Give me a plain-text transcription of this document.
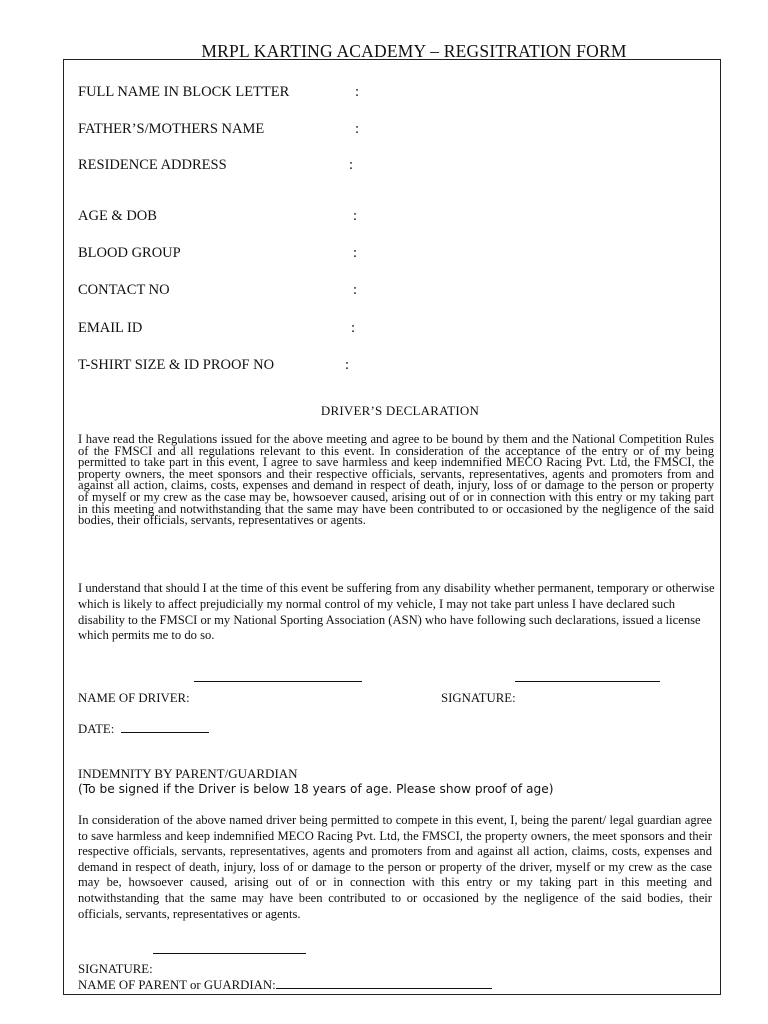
MRPL KARTING ACADEMY – REGSITRATION FORM
FULL NAME IN BLOCK LETTER	:
FATHER’S/MOTHERS NAME	:
RESIDENCE ADDRESS	:
AGE & DOB	:
BLOOD GROUP	:
CONTACT NO	:
EMAIL ID	:
T-SHIRT SIZE & ID PROOF NO	:
DRIVER’S DECLARATION

I have read the Regulations issued for the above meeting and agree to be bound by them and the National Competition Rules of the FMSCI and all regulations relevant to this event. In consideration of the acceptance of the entry or of my being permitted to take part in this event, I agree to save harmless and keep indemnified MECO Racing Pvt. Ltd, the FMSCI, the property owners, the meet sponsors and their respective officials, servants, representatives, agents and promoters from and against all action, claims, costs, expenses and demand in respect of death, injury, loss of or damage to the person or property of myself or my crew as the case may be, howsoever caused, arising out of or in connection with this entry or my taking part in this meeting and notwithstanding that the same may have been contributed to or occasioned by the negligence of the said bodies, their officials, servants, representatives or agents.

I understand that should I at the time of this event be suffering from any disability whether permanent, temporary or otherwise which is likely to affect prejudicially my normal control of my vehicle, I may not take part unless I have declared such disability to the FMSCI or my National Sporting Association (ASN) who have following such declarations, issued a license which permits me to do so.

NAME OF DRIVER:	SIGNATURE:
DATE:
INDEMNITY BY PARENT/GUARDIAN
(To be signed if the Driver is below 18 years of age. Please show proof of age)

In consideration of the above named driver being permitted to compete in this event, I, being the parent/ legal guardian agree to save harmless and keep indemnified MECO Racing Pvt. Ltd, the FMSCI, the property owners, the meet sponsors and their respective officials, servants, representatives, agents and promoters from and against all action, claims, costs, expenses and demand in respect of death, injury, loss of or damage to the person or property of the driver, myself or my crew as the case may be, howsoever caused, arising out of or in connection with this entry or my taking part in this meeting and notwithstanding that the same may have been contributed to or occasioned by the negligence of the said bodies, their officials, servants, representatives or agents.

SIGNATURE:
NAME OF PARENT or GUARDIAN:
